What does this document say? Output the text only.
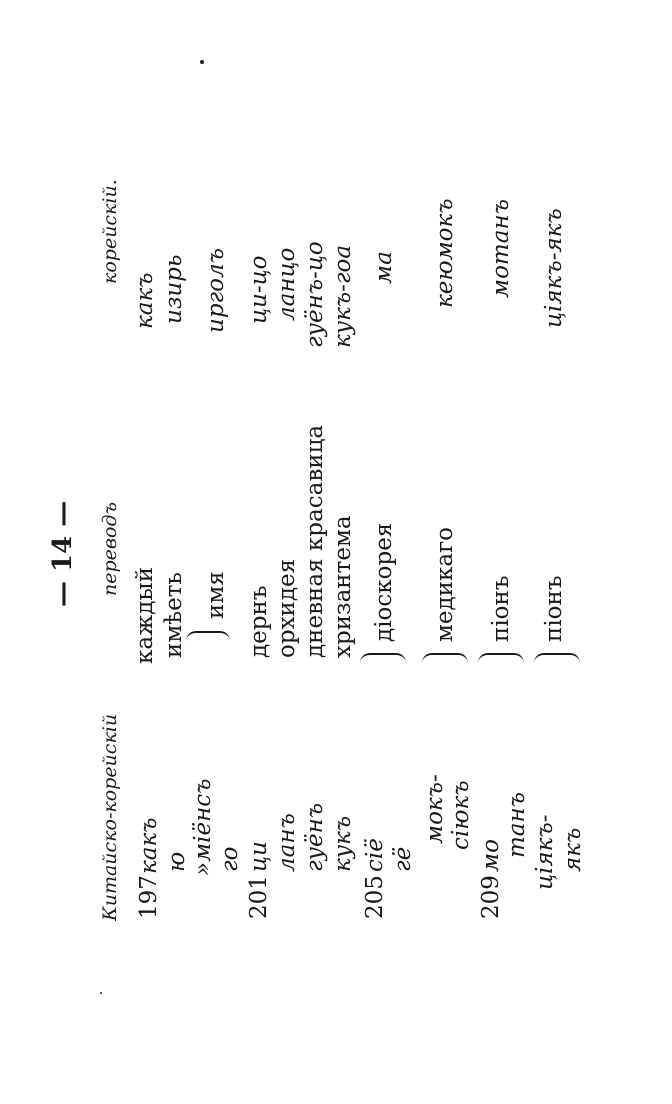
— 14 —
Китайско-корейскій
переводъ
корейскій.
197
какъ
каждый
какъ
ю
имѣеть
изирь
»міёнсъ
имя
ирголъ
го
201
ци
дернъ
ци-цо
ланъ
орхидея
ланцо
гуёнъ
дневная красавица
гуёнъ-цо
кукъ
хризантема
кукъ-гоа
205
сіё
діоскорея
ма
гё
мокъ-
медикаго
кеюмокъ
сіюкъ
209
мо
піонъ
мотанъ
танъ ціякъ-
піонъ
ціякъ-якъ
якъ
